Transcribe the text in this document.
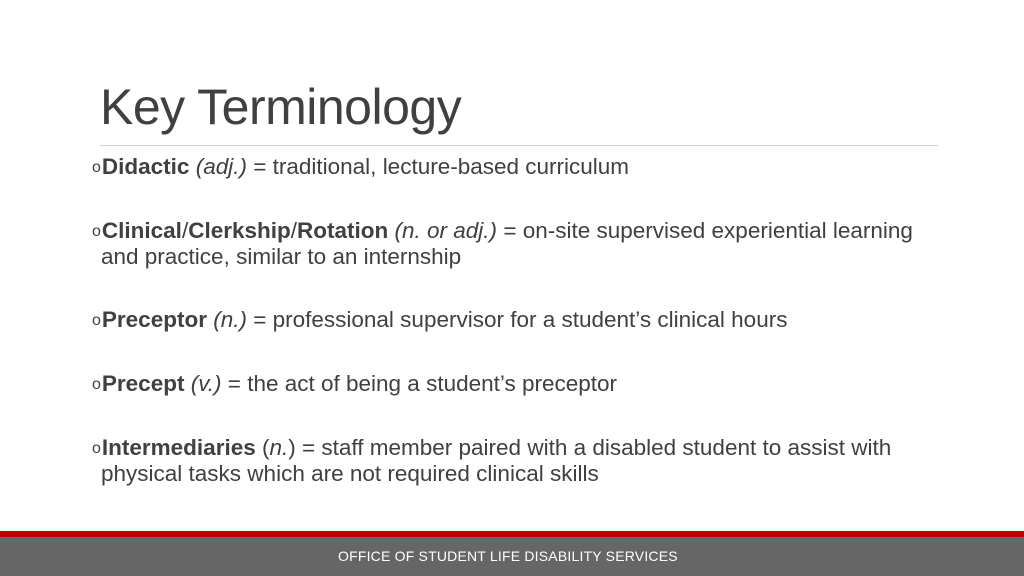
Key Terminology
oDidactic (adj.) = traditional, lecture-based curriculum
oClinical/Clerkship/Rotation (n. or adj.) = on-site supervised experiential learning and practice, similar to an internship
oPreceptor (n.) = professional supervisor for a student’s clinical hours
oPrecept (v.) = the act of being a student’s preceptor
oIntermediaries (n.) = staff member paired with a disabled student to assist with physical tasks which are not required clinical skills
OFFICE OF STUDENT LIFE DISABILITY SERVICES
